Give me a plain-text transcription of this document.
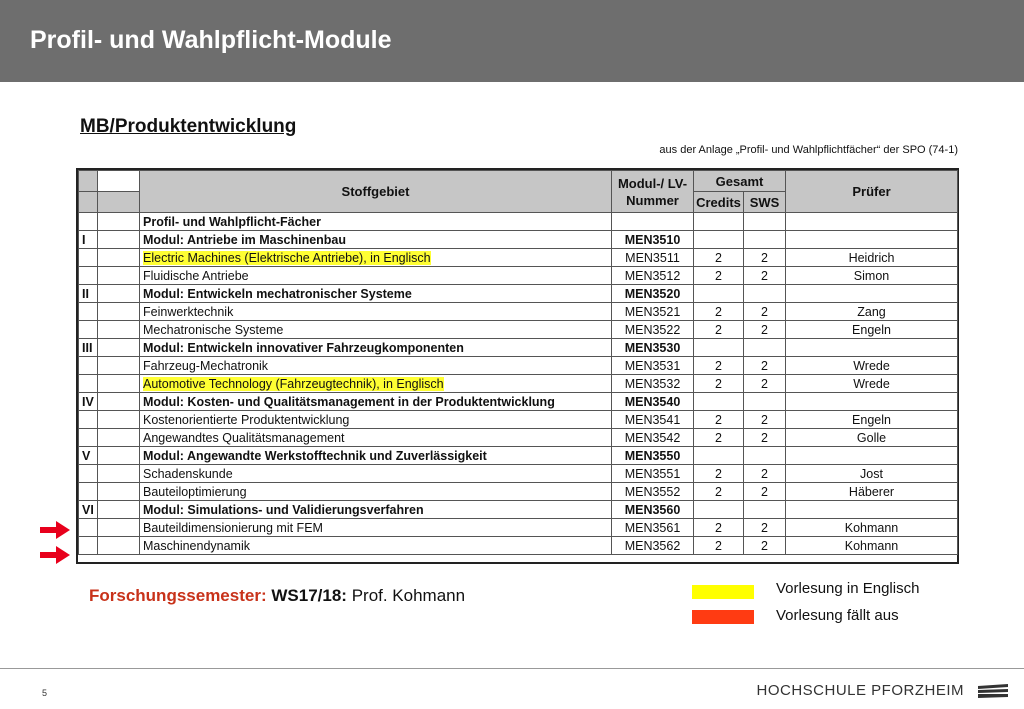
Profil- und Wahlpflicht-Module
MB/Produktentwicklung
aus der Anlage „Profil- und Wahlpflichtfächer“ der SPO (74-1)
		Stoffgebiet	Modul-/ LV-Nummer	Gesamt		Prüfer
				Credits	SWS	
		Profil- und Wahlpflicht-Fächer				
I		Modul: Antriebe im Maschinenbau	MEN3510			
		Electric Machines (Elektrische Antriebe), in Englisch	MEN3511	2	2	Heidrich
		Fluidische Antriebe	MEN3512	2	2	Simon
II		Modul: Entwickeln mechatronischer Systeme	MEN3520			
		Feinwerktechnik	MEN3521	2	2	Zang
		Mechatronische Systeme	MEN3522	2	2	Engeln
III		Modul: Entwickeln innovativer Fahrzeugkomponenten	MEN3530			
		Fahrzeug-Mechatronik	MEN3531	2	2	Wrede
		Automotive Technology (Fahrzeugtechnik), in Englisch	MEN3532	2	2	Wrede
IV		Modul: Kosten- und Qualitätsmanagement in der Produktentwicklung	MEN3540			
		Kostenorientierte Produktentwicklung	MEN3541	2	2	Engeln
		Angewandtes Qualitätsmanagement	MEN3542	2	2	Golle
V		Modul: Angewandte Werkstofftechnik und Zuverlässigkeit	MEN3550			
		Schadenskunde	MEN3551	2	2	Jost
		Bauteiloptimierung	MEN3552	2	2	Häberer
VI		Modul: Simulations- und Validierungsverfahren	MEN3560			
		Bauteildimensionierung mit FEM	MEN3561	2	2	Kohmann
		Maschinendynamik	MEN3562	2	2	Kohmann
Forschungssemester: WS17/18: Prof. Kohmann	Vorlesung in Englisch
Vorlesung fällt aus
5	HOCHSCHULE PFORZHEIM
